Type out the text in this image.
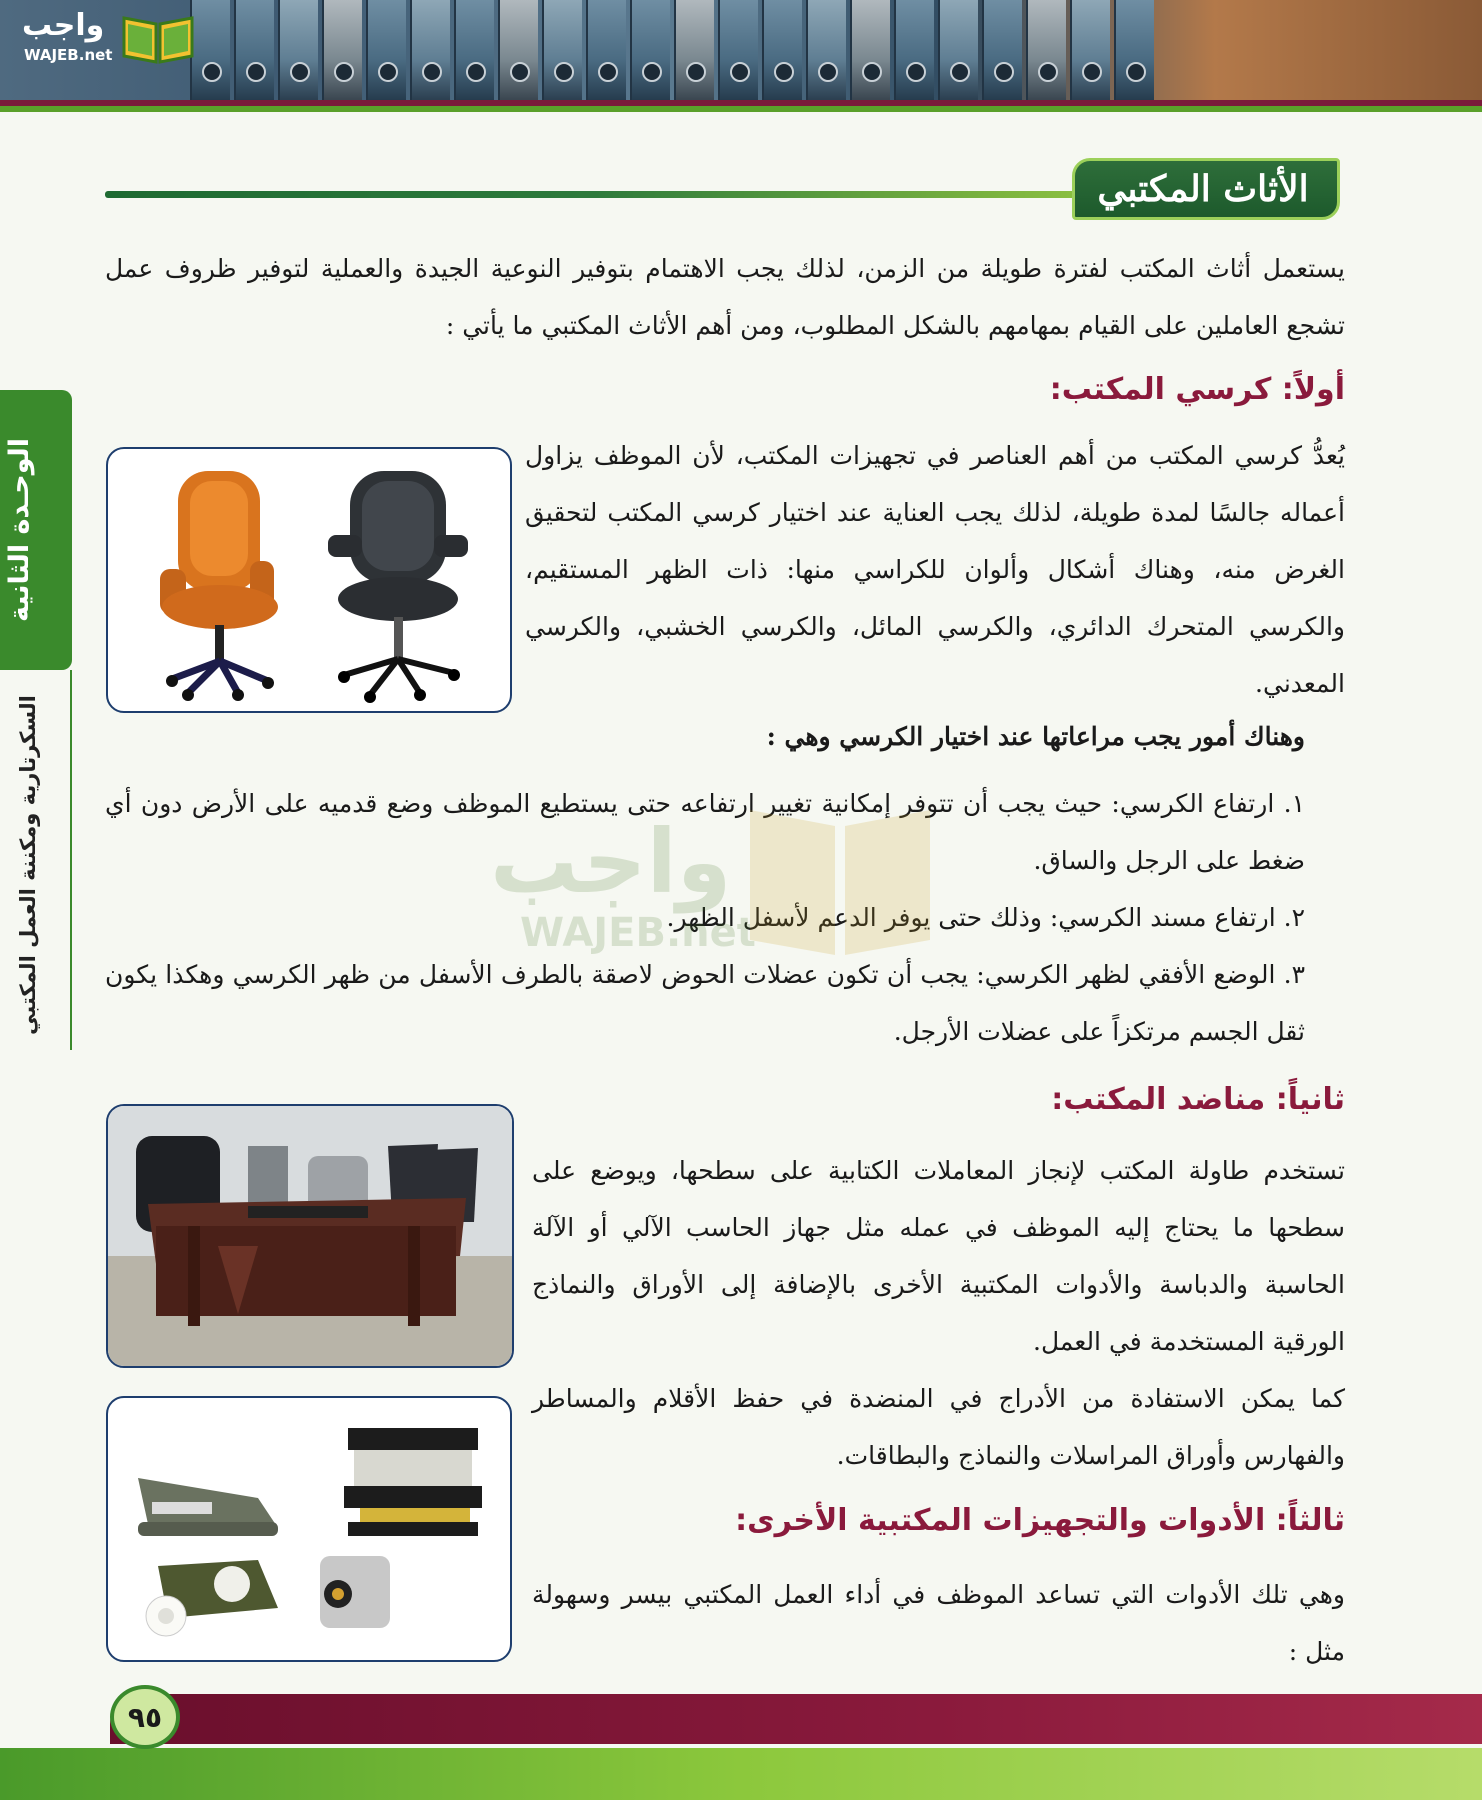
واجب
WAJEB.net
الوحـدة الثانية
السكرتارية ومكننة العمل المكتبي
الأثاث المكتبي
يستعمل أثاث المكتب لفترة طويلة من الزمن، لذلك يجب الاهتمام بتوفير النوعية الجيدة والعملية لتوفير ظروف عمل تشجع العاملين على القيام بمهامهم بالشكل المطلوب، ومن أهم الأثاث المكتبي ما يأتي :
أولاً: كرسي المكتب:
يُعدُّ كرسي المكتب من أهم العناصر في تجهيزات المكتب، لأن الموظف يزاول أعماله جالسًا لمدة طويلة، لذلك يجب العناية عند اختيار كرسي المكتب لتحقيق الغرض منه، وهناك أشكال وألوان للكراسي منها: ذات الظهر المستقيم، والكرسي المتحرك الدائري، والكرسي المائل، والكرسي الخشبي، والكرسي المعدني.
وهناك أمور يجب مراعاتها عند اختيار الكرسي وهي :
١. ارتفاع الكرسي: حيث يجب أن تتوفر إمكانية تغيير ارتفاعه حتى يستطيع الموظف وضع قدميه على الأرض دون أي ضغط على الرجل والساق.
٢. ارتفاع مسند الكرسي: وذلك حتى يوفر الدعم لأسفل الظهر.
٣. الوضع الأفقي لظهر الكرسي: يجب أن تكون عضلات الحوض لاصقة بالطرف الأسفل من ظهر الكرسي وهكذا يكون ثقل الجسم مرتكزاً على عضلات الأرجل.
واجب
WAJEB.net
ثانياً: مناضد المكتب:
تستخدم طاولة المكتب لإنجاز المعاملات الكتابية على سطحها، ويوضع على سطحها ما يحتاج إليه الموظف في عمله مثل جهاز الحاسب الآلي أو الآلة الحاسبة والدباسة والأدوات المكتبية الأخرى بالإضافة إلى الأوراق والنماذج الورقية المستخدمة في العمل.
كما يمكن الاستفادة من الأدراج في المنضدة في حفظ الأقلام والمساطر والفهارس وأوراق المراسلات والنماذج والبطاقات.
ثالثاً: الأدوات والتجهيزات المكتبية الأخرى:
وهي تلك الأدوات التي تساعد الموظف في أداء العمل المكتبي بيسر وسهولة مثل :
٩٥
